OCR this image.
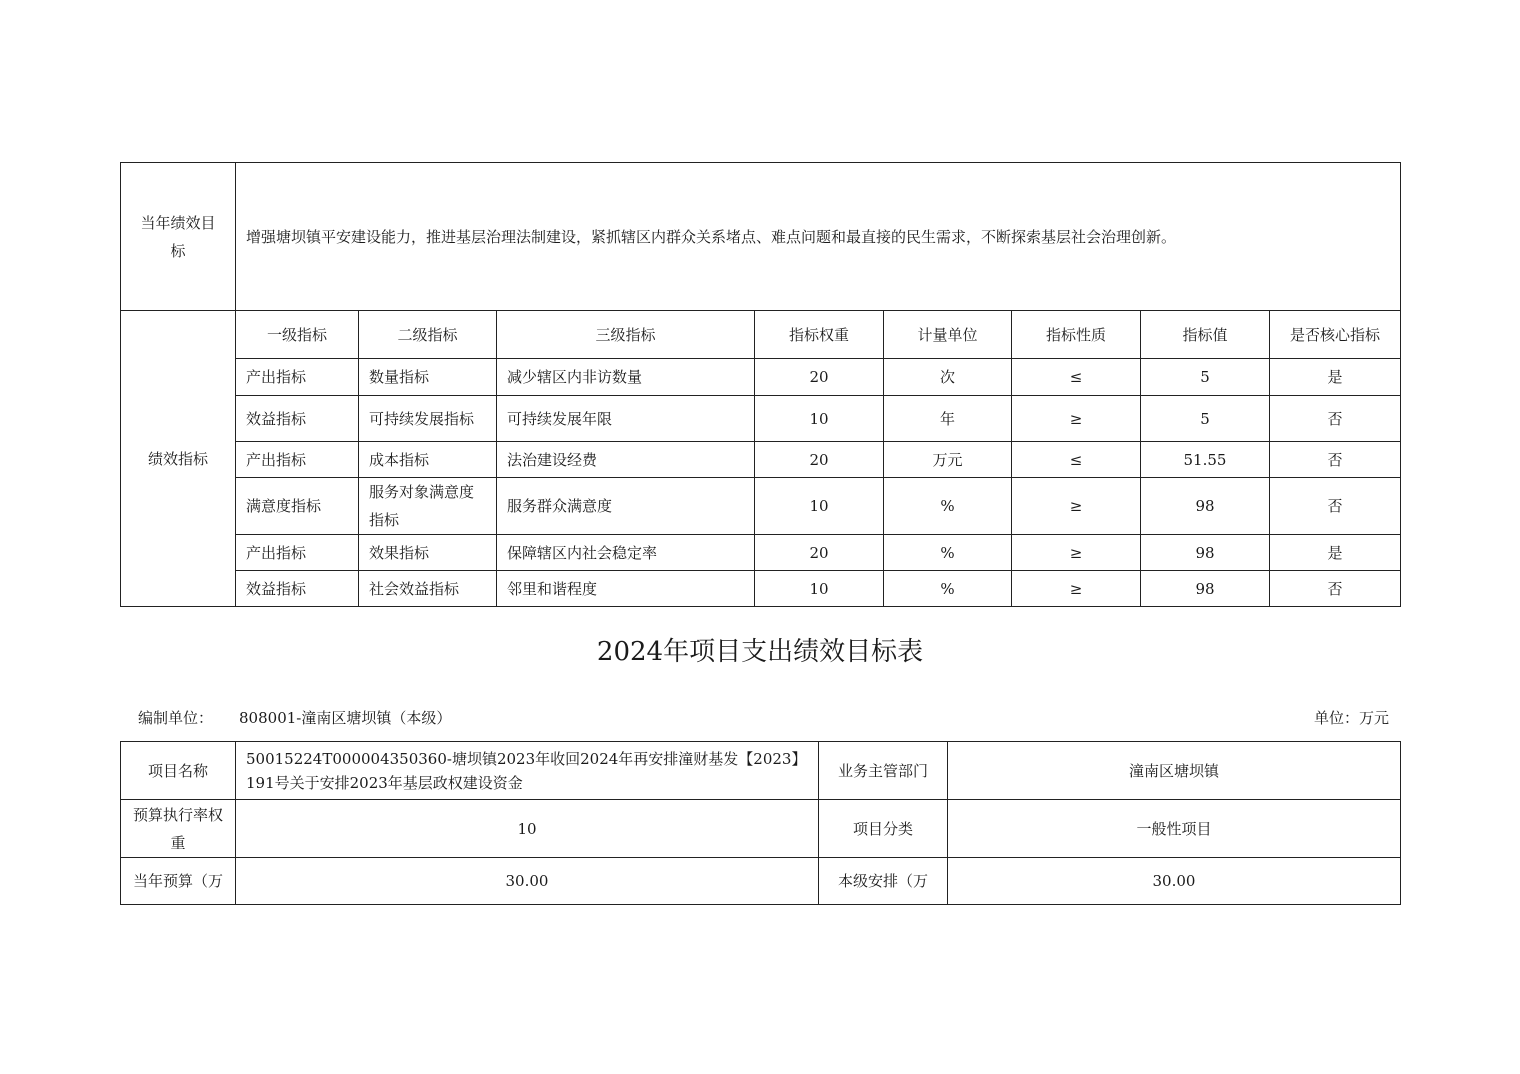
当年绩效目标	增强塘坝镇平安建设能力，推进基层治理法制建设，紧抓辖区内群众关系堵点、难点问题和最直接的民生需求，不断探索基层社会治理创新。							
绩效指标	一级指标	二级指标	三级指标	指标权重	计量单位	指标性质	指标值	是否核心指标
	产出指标	数量指标	减少辖区内非访数量	20	次	≤	5	是
	效益指标	可持续发展指标	可持续发展年限	10	年	≥	5	否
	产出指标	成本指标	法治建设经费	20	万元	≤	51.55	否
	满意度指标	服务对象满意度指标	服务群众满意度	10	%	≥	98	否
	产出指标	效果指标	保障辖区内社会稳定率	20	%	≥	98	是
	效益指标	社会效益指标	邻里和谐程度	10	%	≥	98	否
2024年项目支出绩效目标表
编制单位： 808001-潼南区塘坝镇（本级）	单位：万元
项目名称	50015224T000004350360-塘坝镇2023年收回2024年再安排潼财基发【2023】191号关于安排2023年基层政权建设资金	业务主管部门	潼南区塘坝镇
预算执行率权重	10	项目分类	一般性项目
当年预算（万	30.00	本级安排（万	30.00
